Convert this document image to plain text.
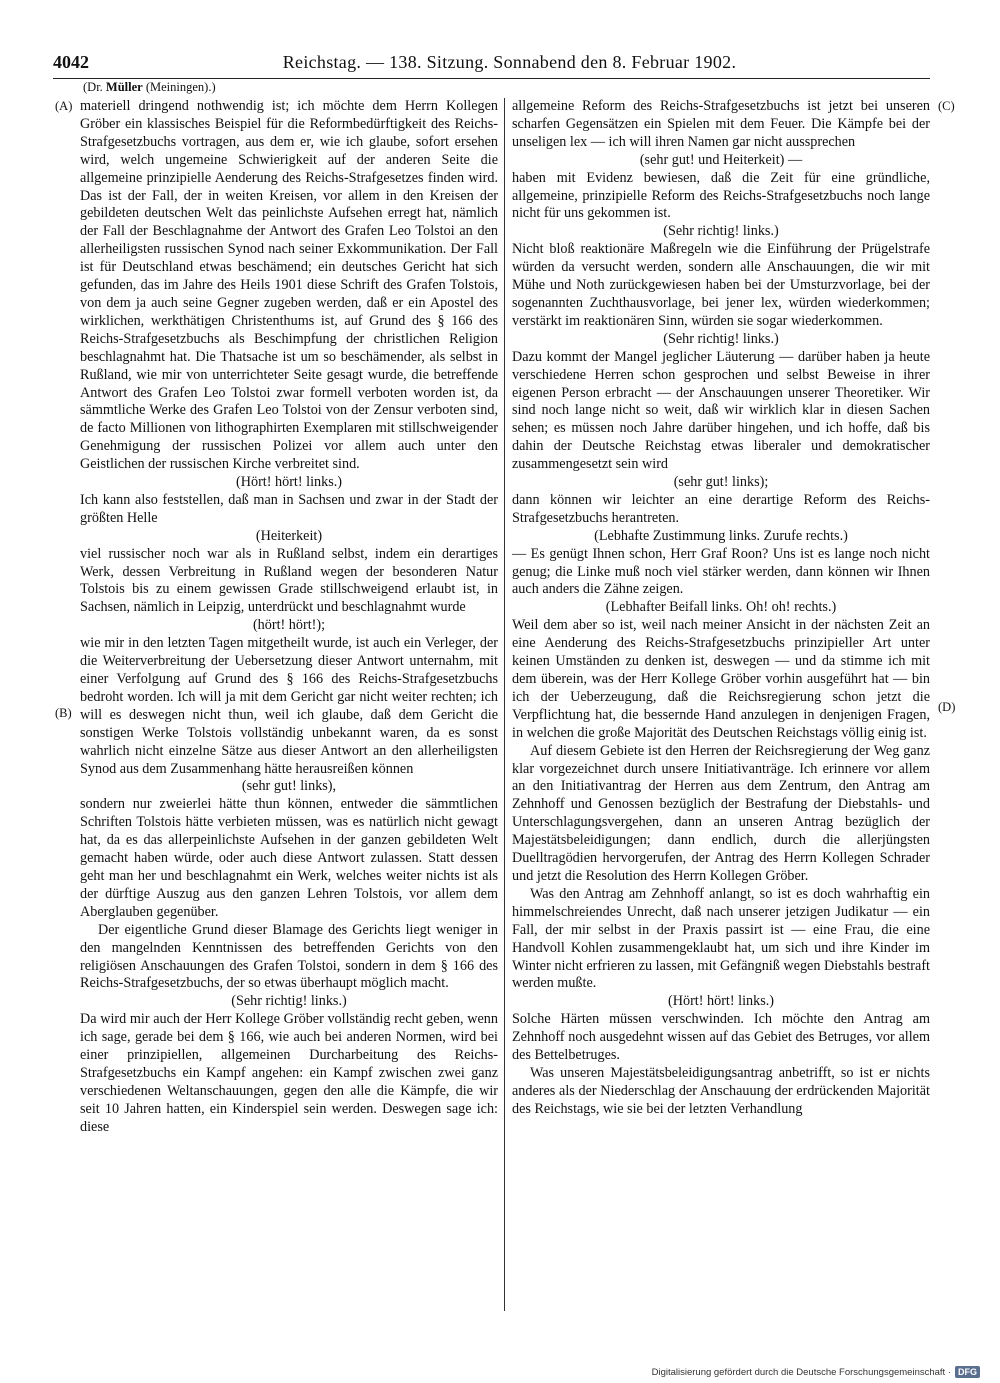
4042	Reichstag. — 138. Sitzung. Sonnabend den 8. Februar 1902.
(Dr. Müller (Meiningen).)
(A)
(B)
(C)
(D)

materiell dringend nothwendig ist; ich möchte dem Herrn Kollegen Gröber ein klassisches Beispiel für die Reformbedürftigkeit des Reichs-Strafgesetzbuchs vortragen, aus dem er, wie ich glaube, sofort ersehen wird, welch ungemeine Schwierigkeit auf der anderen Seite die allgemeine prinzipielle Aenderung des Reichs-Strafgesetzes finden wird. Das ist der Fall, der in weiten Kreisen, vor allem in den Kreisen der gebildeten deutschen Welt das peinlichste Aufsehen erregt hat, nämlich der Fall der Beschlagnahme der Antwort des Grafen Leo Tolstoi an den allerheiligsten russischen Synod nach seiner Exkommunikation. Der Fall ist für Deutschland etwas beschämend; ein deutsches Gericht hat sich gefunden, das im Jahre des Heils 1901 diese Schrift des Grafen Tolstois, von dem ja auch seine Gegner zugeben werden, daß er ein Apostel des wirklichen, werkthätigen Christenthums ist, auf Grund des § 166 des Reichs-Strafgesetzbuchs als Beschimpfung der christlichen Religion beschlagnahmt hat. Die Thatsache ist um so beschämender, als selbst in Rußland, wie mir von unterrichteter Seite gesagt wurde, die betreffende Antwort des Grafen Leo Tolstoi zwar formell verboten worden ist, da sämmtliche Werke des Grafen Leo Tolstoi von der Zensur verboten sind, de facto Millionen von lithographirten Exemplaren mit stillschweigender Genehmigung der russischen Polizei vor allem auch unter den Geistlichen der russischen Kirche verbreitet sind.

(Hört! hört! links.)

Ich kann also feststellen, daß man in Sachsen und zwar in der Stadt der größten Helle

(Heiterkeit)

viel russischer noch war als in Rußland selbst, indem ein derartiges Werk, dessen Verbreitung in Rußland wegen der besonderen Natur Tolstois bis zu einem gewissen Grade stillschweigend erlaubt ist, in Sachsen, nämlich in Leipzig, unterdrückt und beschlagnahmt wurde

(hört! hört!);

wie mir in den letzten Tagen mitgetheilt wurde, ist auch ein Verleger, der die Weiterverbreitung der Uebersetzung dieser Antwort unternahm, mit einer Verfolgung auf Grund des § 166 des Reichs-Strafgesetzbuchs bedroht worden. Ich will ja mit dem Gericht gar nicht weiter rechten; ich will es deswegen nicht thun, weil ich glaube, daß dem Gericht die sonstigen Werke Tolstois vollständig unbekannt waren, da es sonst wahrlich nicht einzelne Sätze aus dieser Antwort an den allerheiligsten Synod aus dem Zusammenhang hätte herausreißen können

(sehr gut! links),

sondern nur zweierlei hätte thun können, entweder die sämmtlichen Schriften Tolstois hätte verbieten müssen, was es natürlich nicht gewagt hat, da es das allerpeinlichste Aufsehen in der ganzen gebildeten Welt gemacht haben würde, oder auch diese Antwort zulassen. Statt dessen geht man her und beschlagnahmt ein Werk, welches weiter nichts ist als der dürftige Auszug aus den ganzen Lehren Tolstois, vor allem dem Aberglauben gegenüber.

Der eigentliche Grund dieser Blamage des Gerichts liegt weniger in den mangelnden Kenntnissen des betreffenden Gerichts von den religiösen Anschauungen des Grafen Tolstoi, sondern in dem § 166 des Reichs-Strafgesetzbuchs, der so etwas überhaupt möglich macht.

(Sehr richtig! links.)

Da wird mir auch der Herr Kollege Gröber vollständig recht geben, wenn ich sage, gerade bei dem § 166, wie auch bei anderen Normen, wird bei einer prinzipiellen, allgemeinen Durcharbeitung des Reichs-Strafgesetzbuchs ein Kampf angehen: ein Kampf zwischen zwei ganz verschiedenen Weltanschauungen, gegen den alle die Kämpfe, die wir seit 10 Jahren hatten, ein Kinderspiel sein werden. Deswegen sage ich: diese

allgemeine Reform des Reichs-Strafgesetzbuchs ist jetzt bei unseren scharfen Gegensätzen ein Spielen mit dem Feuer. Die Kämpfe bei der unseligen lex — ich will ihren Namen gar nicht aussprechen

(sehr gut! und Heiterkeit) —

haben mit Evidenz bewiesen, daß die Zeit für eine gründliche, allgemeine, prinzipielle Reform des Reichs-Strafgesetzbuchs noch lange nicht für uns gekommen ist.

(Sehr richtig! links.)

Nicht bloß reaktionäre Maßregeln wie die Einführung der Prügelstrafe würden da versucht werden, sondern alle Anschauungen, die wir mit Mühe und Noth zurückgewiesen haben bei der Umsturzvorlage, bei der sogenannten Zuchthausvorlage, bei jener lex, würden wiederkommen; verstärkt im reaktionären Sinn, würden sie sogar wiederkommen.

(Sehr richtig! links.)

Dazu kommt der Mangel jeglicher Läuterung — darüber haben ja heute verschiedene Herren schon gesprochen und selbst Beweise in ihrer eigenen Person erbracht — der Anschauungen unserer Theoretiker. Wir sind noch lange nicht so weit, daß wir wirklich klar in diesen Sachen sehen; es müssen noch Jahre darüber hingehen, und ich hoffe, daß bis dahin der Deutsche Reichstag etwas liberaler und demokratischer zusammengesetzt sein wird

(sehr gut! links);

dann können wir leichter an eine derartige Reform des Reichs-Strafgesetzbuchs herantreten.

(Lebhafte Zustimmung links. Zurufe rechts.)

— Es genügt Ihnen schon, Herr Graf Roon? Uns ist es lange noch nicht genug; die Linke muß noch viel stärker werden, dann können wir Ihnen auch anders die Zähne zeigen.

(Lebhafter Beifall links. Oh! oh! rechts.)

Weil dem aber so ist, weil nach meiner Ansicht in der nächsten Zeit an eine Aenderung des Reichs-Strafgesetzbuchs prinzipieller Art unter keinen Umständen zu denken ist, deswegen — und da stimme ich mit dem überein, was der Herr Kollege Gröber vorhin ausgeführt hat — bin ich der Ueberzeugung, daß die Reichsregierung schon jetzt die Verpflichtung hat, die bessernde Hand anzulegen in denjenigen Fragen, in welchen die große Majorität des Deutschen Reichstags völlig einig ist.

Auf diesem Gebiete ist den Herren der Reichsregierung der Weg ganz klar vorgezeichnet durch unsere Initiativanträge. Ich erinnere vor allem an den Initiativantrag der Herren aus dem Zentrum, den Antrag am Zehnhoff und Genossen bezüglich der Bestrafung der Diebstahls- und Unterschlagungsvergehen, dann an unseren Antrag bezüglich der Majestätsbeleidigungen; dann endlich, durch die allerjüngsten Duelltragödien hervorgerufen, der Antrag des Herrn Kollegen Schrader und jetzt die Resolution des Herrn Kollegen Gröber.

Was den Antrag am Zehnhoff anlangt, so ist es doch wahrhaftig ein himmelschreiendes Unrecht, daß nach unserer jetzigen Judikatur — ein Fall, der mir selbst in der Praxis passirt ist — eine Frau, die eine Handvoll Kohlen zusammengeklaubt hat, um sich und ihre Kinder im Winter nicht erfrieren zu lassen, mit Gefängniß wegen Diebstahls bestraft werden mußte.

(Hört! hört! links.)

Solche Härten müssen verschwinden. Ich möchte den Antrag am Zehnhoff noch ausgedehnt wissen auf das Gebiet des Betruges, vor allem des Bettelbetruges.

Was unseren Majestätsbeleidigungsantrag anbetrifft, so ist er nichts anderes als der Niederschlag der Anschauung der erdrückenden Majorität des Reichstags, wie sie bei der letzten Verhandlung

Digitalisierung gefördert durch die Deutsche Forschungsgemeinschaft · DFG
